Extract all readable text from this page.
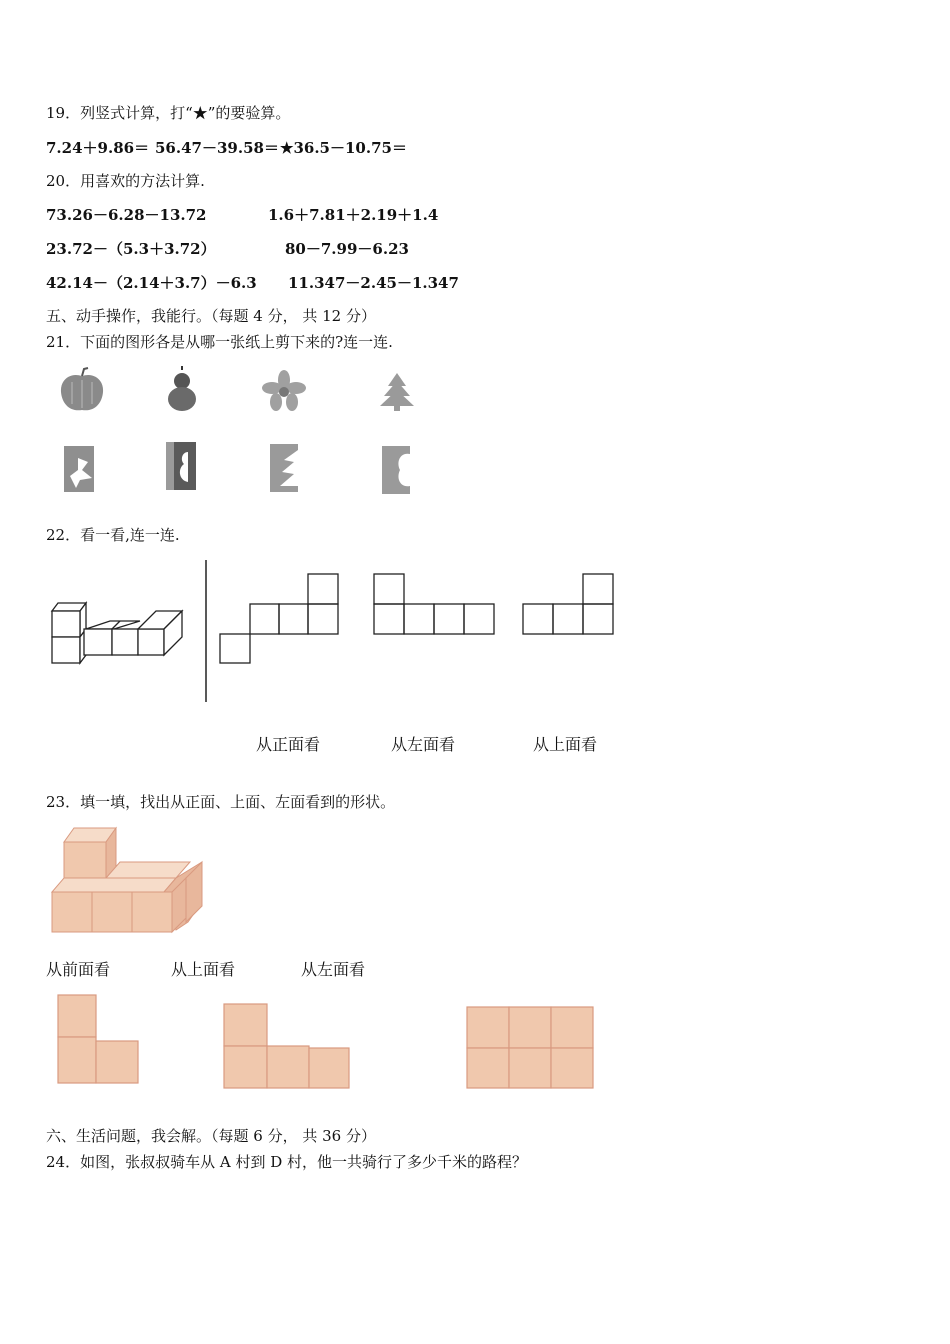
19．列竖式计算，打“★”的要验算。
7.24＋9.86＝ 56.47－39.58＝ ★36.5－10.75＝
20．用喜欢的方法计算.
73.26－6.28－13.72	1.6＋7.81＋2.19＋1.4
23.72－（5.3＋3.72）	80－7.99－6.23
42.14－（2.14＋3.7）－6.3 11.347－2.45－1.347
五、动手操作，我能行。（每题 4 分， 共 12 分）
21．下面的图形各是从哪一张纸上剪下来的?连一连.
22．看一看,连一连.
从正面看	从左面看	从上面看
23．填一填，找出从正面、上面、左面看到的形状。
从前面看	从上面看	从左面看
六、生活问题，我会解。（每题 6 分， 共 36 分）
24．如图，张叔叔骑车从 A 村到 D 村，他一共骑行了多少千米的路程？
